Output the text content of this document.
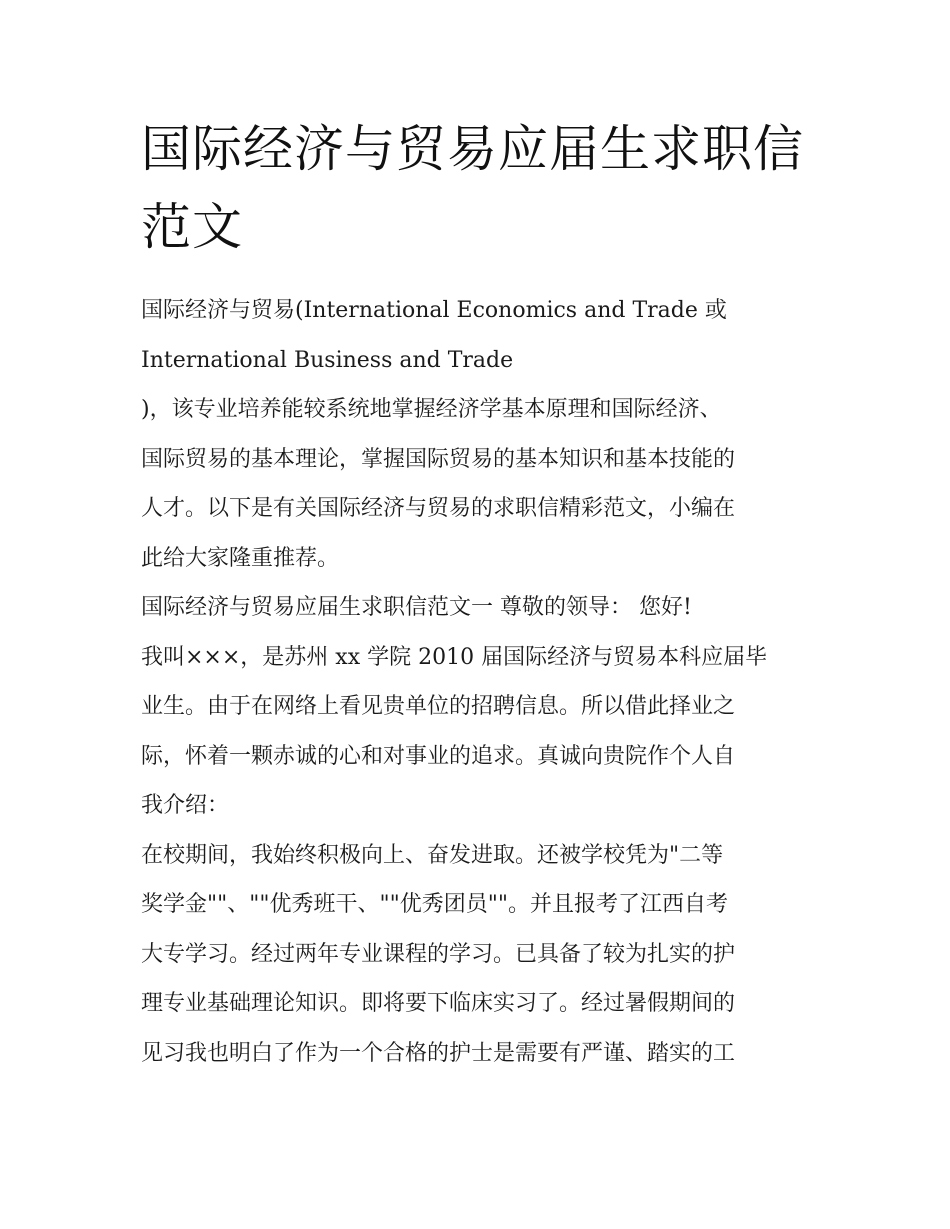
国际经济与贸易应届生求职信
范文
国际经济与贸易(International Economics and Trade 或
International Business and Trade
)，该专业培养能较系统地掌握经济学基本原理和国际经济、
国际贸易的基本理论，掌握国际贸易的基本知识和基本技能的
人才。以下是有关国际经济与贸易的求职信精彩范文，小编在
此给大家隆重推荐。
国际经济与贸易应届生求职信范文一 尊敬的领导： 您好!
我叫×××，是苏州 xx 学院 2010 届国际经济与贸易本科应届毕
业生。由于在网络上看见贵单位的招聘信息。所以借此择业之
际，怀着一颗赤诚的心和对事业的追求。真诚向贵院作个人自
我介绍：
在校期间，我始终积极向上、奋发进取。还被学校凭为"二等
奖学金""、""优秀班干、""优秀团员""。并且报考了江西自考
大专学习。经过两年专业课程的学习。已具备了较为扎实的护
理专业基础理论知识。即将要下临床实习了。经过暑假期间的
见习我也明白了作为一个合格的护士是需要有严谨、踏实的工
